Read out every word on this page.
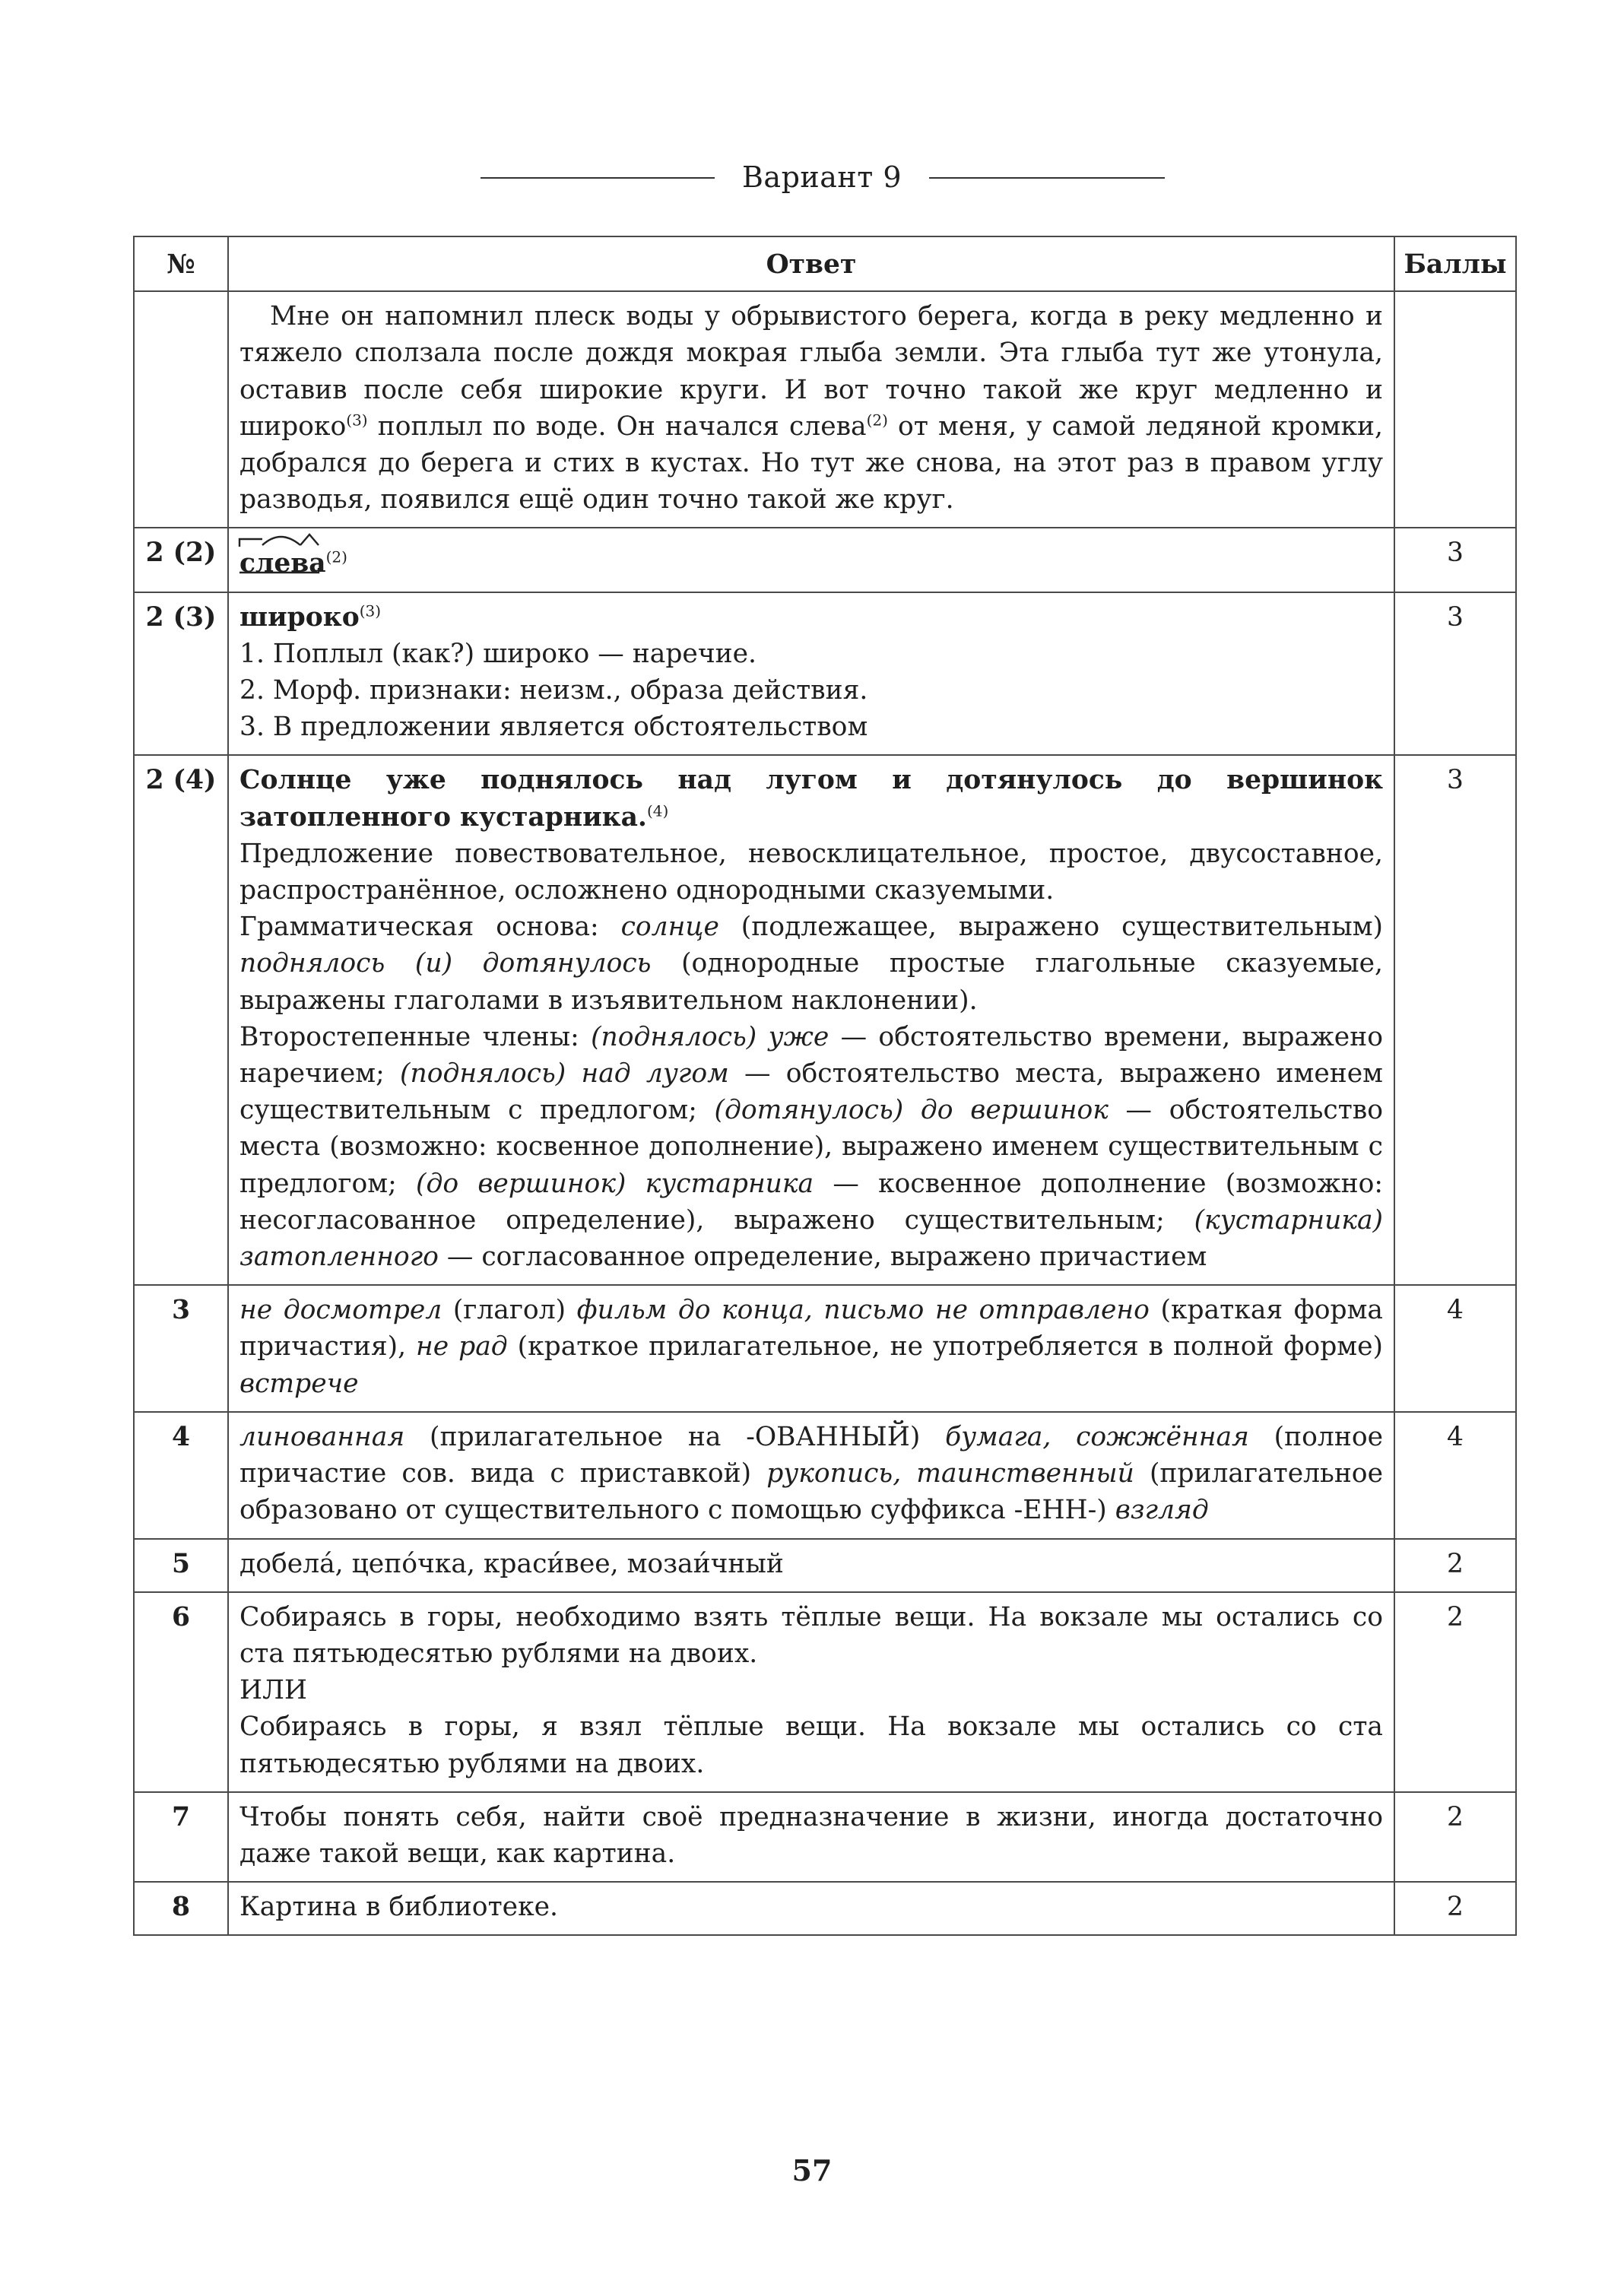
Вариант 9
№	Ответ	Баллы

	Мне он напомнил плеск воды у обрывистого берега, когда в реку медленно и тяжело сползала после дождя мокрая глыба земли. Эта глыба тут же утонула, оставив после себя широкие круги. И вот точно такой же круг медленно и широко$^{(3)}$ поплыл по воде. Он начался слева$^{(2)}$ от меня, у самой ледяной кромки, добрался до берега и стих в кустах. Но тут же снова, на этот раз в правом углу разводья, появился ещё один точно такой же круг.	

2 (2)	слева$^{(2)}$	3
2 (3)	широко$^{(3)}$
1. Поплыл (как?) широко — наречие.
2. Морф. признаки: неизм., образа действия.
3. В предложении является обстоятельством	3
2 (4)	Солнце уже поднялось над лугом и дотянулось до вершинок затопленного кустарника.$^{(4)}$
Предложение повествовательное, невосклицательное, простое, двусоставное, распространённое, осложнено однородными сказуемыми.
Грамматическая основа: солнце (подлежащее, выражено существительным) поднялось (и) дотянулось (однородные простые глагольные сказуемые, выражены глаголами в изъявительном наклонении).
Второстепенные члены: (поднялось) уже — обстоятельство времени, выражено наречием; (поднялось) над лугом — обстоятельство места, выражено именем существительным с предлогом; (дотянулось) до вершинок — обстоятельство места (возможно: косвенное дополнение), выражено именем существительным с предлогом; (до вершинок) кустарника — косвенное дополнение (возможно: несогласованное определение), выражено существительным; (кустарника) затопленного — согласованное определение, выражено причастием	3
3	не досмотрел (глагол) фильм до конца, письмо не отправлено (краткая форма причастия), не рад (краткое прилагательное, не употребляется в полной форме) встрече	4
4	линованная (прилагательное на -ОВАННЫЙ) бумага, сожжённая (полное причастие сов. вида с приставкой) рукопись, таинственный (прилагательное образовано от существительного с помощью суффикса -ЕНН-) взгляд	4
5	добела́, цепо́чка, краси́вее, мозаи́чный	2
6	Собираясь в горы, необходимо взять тёплые вещи. На вокзале мы остались со ста пятьюдесятью рублями на двоих.
ИЛИ
Собираясь в горы, я взял тёплые вещи. На вокзале мы остались со ста пятьюдесятью рублями на двоих.	2
7	Чтобы понять себя, найти своё предназначение в жизни, иногда достаточно даже такой вещи, как картина.	2
8	Картина в библиотеке.	2
57
